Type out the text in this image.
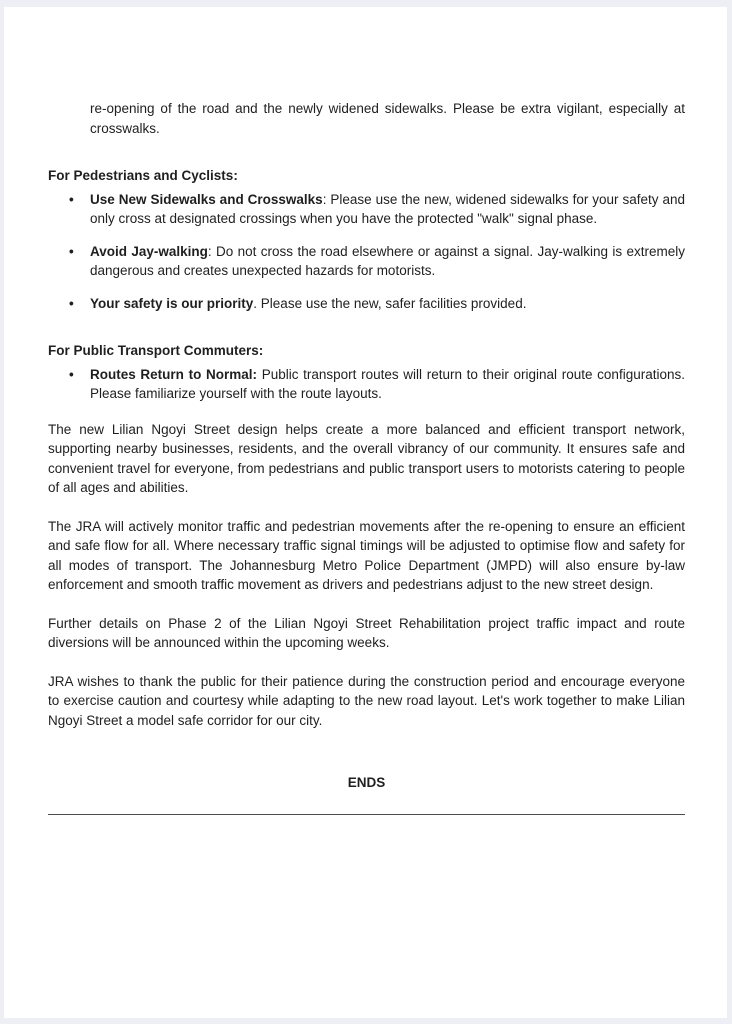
re-opening of the road and the newly widened sidewalks. Please be extra vigilant, especially at crosswalks.

For Pedestrians and Cyclists:
• Use New Sidewalks and Crosswalks: Please use the new, widened sidewalks for your safety and only cross at designated crossings when you have the protected "walk" signal phase.
• Avoid Jay-walking: Do not cross the road elsewhere or against a signal. Jay-walking is extremely dangerous and creates unexpected hazards for motorists.
• Your safety is our priority. Please use the new, safer facilities provided.
For Public Transport Commuters:
• Routes Return to Normal: Public transport routes will return to their original route configurations. Please familiarize yourself with the route layouts.

The new Lilian Ngoyi Street design helps create a more balanced and efficient transport network, supporting nearby businesses, residents, and the overall vibrancy of our community. It ensures safe and convenient travel for everyone, from pedestrians and public transport users to motorists catering to people of all ages and abilities.

The JRA will actively monitor traffic and pedestrian movements after the re-opening to ensure an efficient and safe flow for all. Where necessary traffic signal timings will be adjusted to optimise flow and safety for all modes of transport. The Johannesburg Metro Police Department (JMPD) will also ensure by-law enforcement and smooth traffic movement as drivers and pedestrians adjust to the new street design.

Further details on Phase 2 of the Lilian Ngoyi Street Rehabilitation project traffic impact and route diversions will be announced within the upcoming weeks.

JRA wishes to thank the public for their patience during the construction period and encourage everyone to exercise caution and courtesy while adapting to the new road layout. Let's work together to make Lilian Ngoyi Street a model safe corridor for our city.

ENDS
